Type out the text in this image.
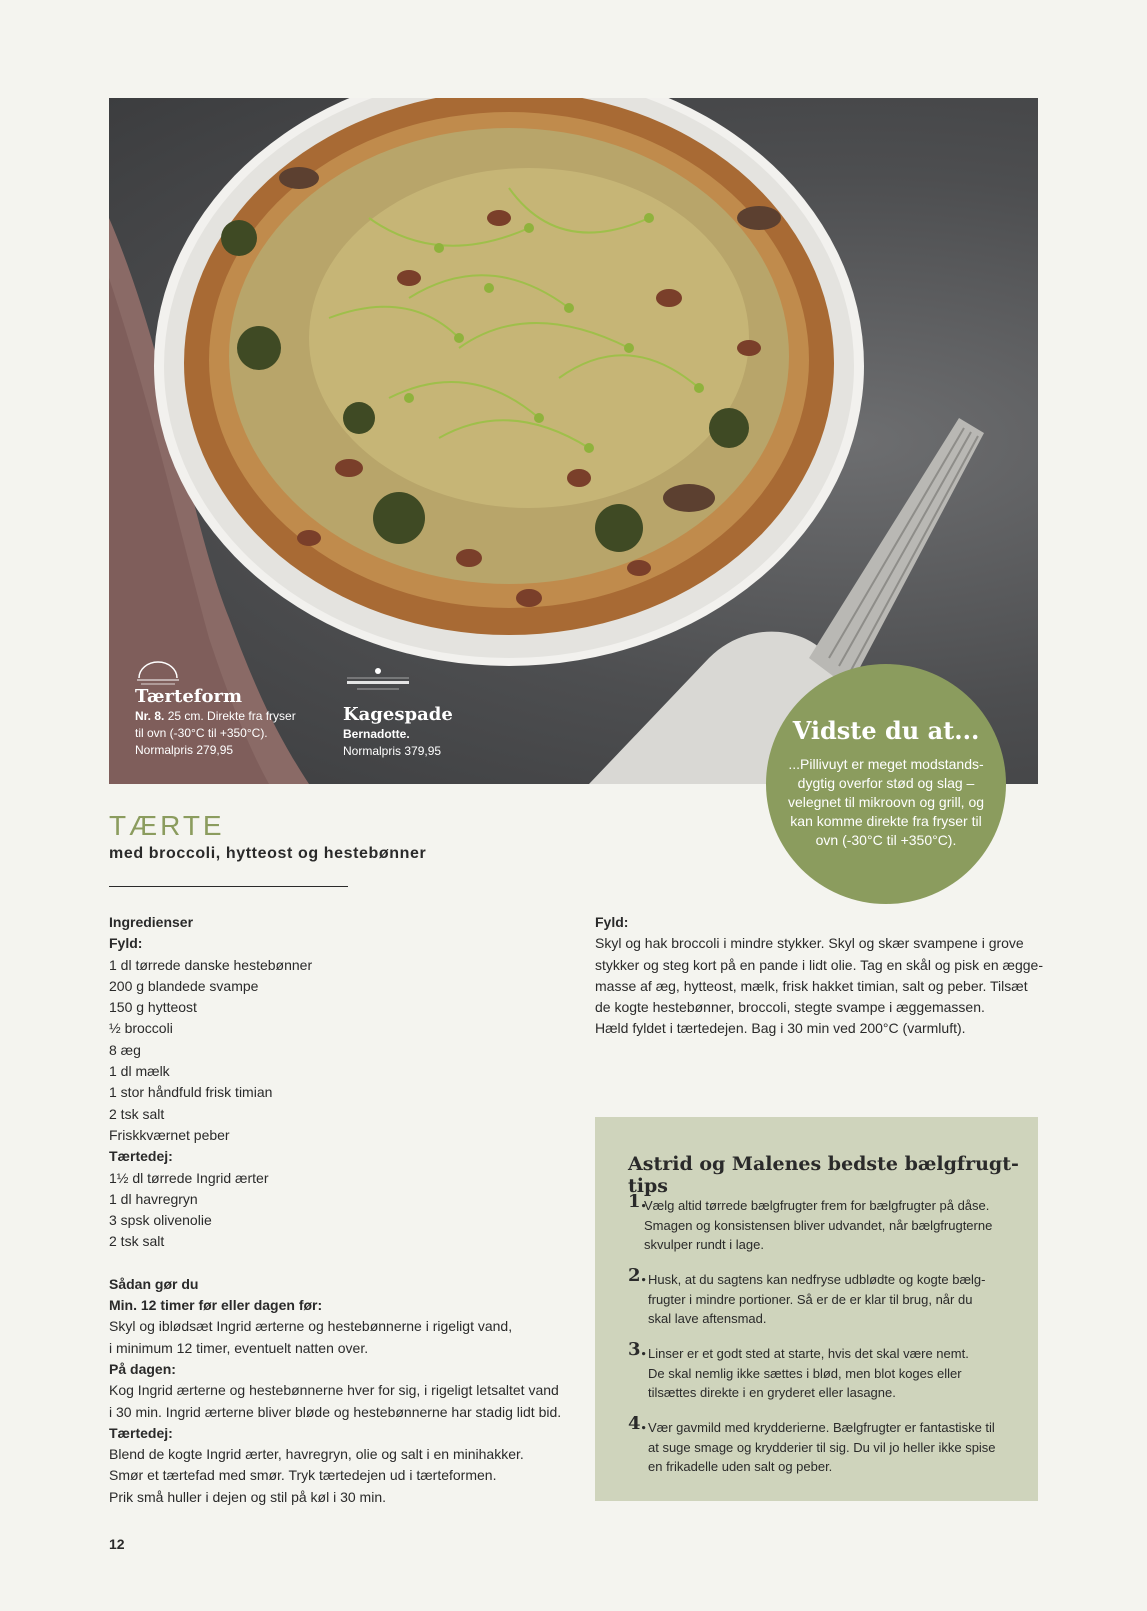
Tærteform
Nr. 8. 25 cm. Direkte fra fryser
til ovn (-30°C til +350°C).
Normalpris 279,95
Kagespade
Bernadotte.
Normalpris 379,95
Vidste du at...
...Pillivuyt er meget modstands-dygtig overfor stød og slag – velegnet til mikroovn og grill, og kan komme direkte fra fryser til ovn (-30°C til +350°C).
TÆRTE
med broccoli, hytteost og hestebønner
Ingredienser
Fyld:
1 dl tørrede danske hestebønner
200 g blandede svampe
150 g hytteost
½ broccoli
8 æg
1 dl mælk
1 stor håndfuld frisk timian
2 tsk salt
Friskkværnet peber
Tærtedej:
1½ dl tørrede Ingrid ærter
1 dl havregryn
3 spsk olivenolie
2 tsk salt
Sådan gør du
Min. 12 timer før eller dagen før:
Skyl og iblødsæt Ingrid ærterne og hestebønnerne i rigeligt vand,
i minimum 12 timer, eventuelt natten over.
På dagen:
Kog Ingrid ærterne og hestebønnerne hver for sig, i rigeligt letsaltet vand
i 30 min. Ingrid ærterne bliver bløde og hestebønnerne har stadig lidt bid.
Tærtedej:
Blend de kogte Ingrid ærter, havregryn, olie og salt i en minihakker.
Smør et tærtefad med smør. Tryk tærtedejen ud i tærteformen.
Prik små huller i dejen og stil på køl i 30 min.
Fyld:
Skyl og hak broccoli i mindre stykker. Skyl og skær svampene i grove
stykker og steg kort på en pande i lidt olie. Tag en skål og pisk en ægge-
masse af æg, hytteost, mælk, frisk hakket timian, salt og peber. Tilsæt
de kogte hestebønner, broccoli, stegte svampe i æggemassen.
Hæld fyldet i tærtedejen. Bag i 30 min ved 200°C (varmluft).
Astrid og Malenes bedste bælgfrugt-tips
1.
Vælg altid tørrede bælgfrugter frem for bælgfrugter på dåse.
Smagen og konsistensen bliver udvandet, når bælgfrugterne
skvulper rundt i lage.
2. Husk, at du sagtens kan nedfryse udblødte og kogte bælg-
frugter i mindre portioner. Så er de er klar til brug, når du
skal lave aftensmad.
3. Linser er et godt sted at starte, hvis det skal være nemt.
De skal nemlig ikke sættes i blød, men blot koges eller
tilsættes direkte i en gryderet eller lasagne.
4. Vær gavmild med krydderierne. Bælgfrugter er fantastiske til
at suge smage og krydderier til sig. Du vil jo heller ikke spise
en frikadelle uden salt og peber.
12
